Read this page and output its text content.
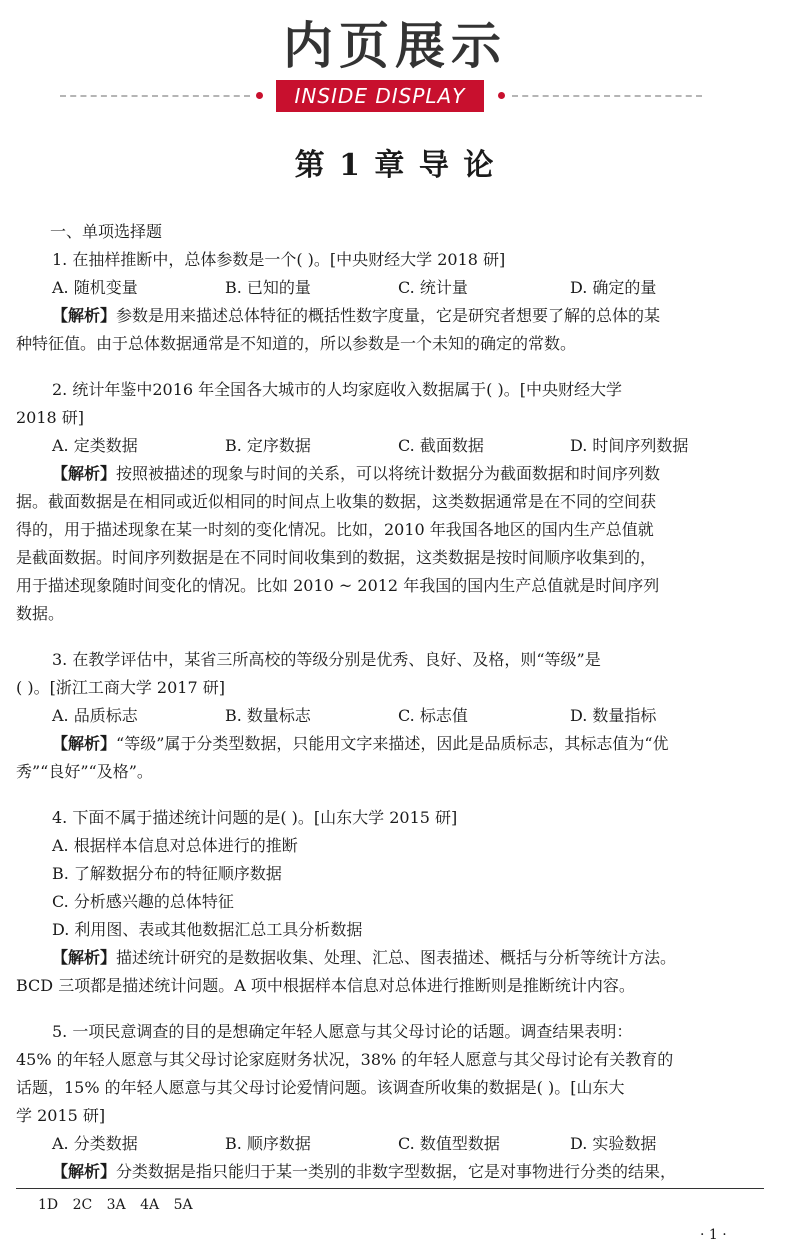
内页展示
INSIDE DISPLAY
第 1 章 导 论
一、单项选择题
1. 在抽样推断中，总体参数是一个( )。[中央财经大学 2018 研]
A. 随机变量	B. 已知的量	C. 统计量	D. 确定的量
【解析】参数是用来描述总体特征的概括性数字度量，它是研究者想要了解的总体的某
种特征值。由于总体数据通常是不知道的，所以参数是一个未知的确定的常数。
2. 统计年鉴中2016 年全国各大城市的人均家庭收入数据属于( )。[中央财经大学
2018 研]
A. 定类数据	B. 定序数据	C. 截面数据	D. 时间序列数据
【解析】按照被描述的现象与时间的关系，可以将统计数据分为截面数据和时间序列数
据。截面数据是在相同或近似相同的时间点上收集的数据，这类数据通常是在不同的空间获
得的，用于描述现象在某一时刻的变化情况。比如，2010 年我国各地区的国内生产总值就
是截面数据。时间序列数据是在不同时间收集到的数据，这类数据是按时间顺序收集到的，
用于描述现象随时间变化的情况。比如 2010 ~ 2012 年我国的国内生产总值就是时间序列
数据。
3. 在教学评估中，某省三所高校的等级分别是优秀、良好、及格，则“等级”是
( )。[浙江工商大学 2017 研]
A. 品质标志	B. 数量标志	C. 标志值	D. 数量指标
【解析】“等级”属于分类型数据，只能用文字来描述，因此是品质标志，其标志值为“优
秀”“良好”“及格”。
4. 下面不属于描述统计问题的是( )。[山东大学 2015 研]
A. 根据样本信息对总体进行的推断
B. 了解数据分布的特征顺序数据
C. 分析感兴趣的总体特征
D. 利用图、表或其他数据汇总工具分析数据
【解析】描述统计研究的是数据收集、处理、汇总、图表描述、概括与分析等统计方法。
BCD 三项都是描述统计问题。A 项中根据样本信息对总体进行推断则是推断统计内容。
5. 一项民意调查的目的是想确定年轻人愿意与其父母讨论的话题。调查结果表明：
45% 的年轻人愿意与其父母讨论家庭财务状况，38% 的年轻人愿意与其父母讨论有关教育的
话题，15% 的年轻人愿意与其父母讨论爱情问题。该调查所收集的数据是( )。[山东大
学 2015 研]
A. 分类数据	B. 顺序数据	C. 数值型数据	D. 实验数据
【解析】分类数据是指只能归于某一类别的非数字型数据，它是对事物进行分类的结果，
1D 2C 3A 4A 5A
· 1 ·
